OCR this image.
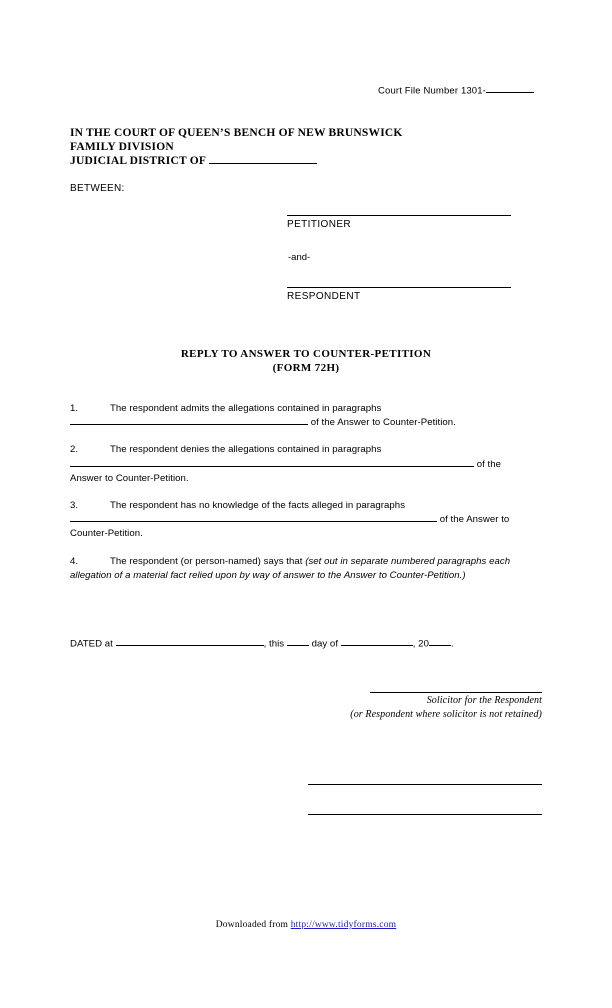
Court File Number 1301-
IN THE COURT OF QUEEN’S BENCH OF NEW BRUNSWICK
FAMILY DIVISION
JUDICIAL DISTRICT OF
BETWEEN:
PETITIONER
-and-
RESPONDENT
REPLY TO ANSWER TO COUNTER-PETITION
(FORM 72H)
1.	The respondent admits the allegations contained in paragraphs
of the Answer to Counter-Petition.
2.	The respondent denies the allegations contained in paragraphs
of the
Answer to Counter-Petition.
3.	The respondent has no knowledge of the facts alleged in paragraphs
of the Answer to
Counter-Petition.
4.	The respondent (or person-named) says that (set out in separate numbered paragraphs each allegation of a material fact relied upon by way of answer to the Answer to Counter-Petition.)
DATED at	, this	day of	, 20 .
Solicitor for the Respondent
(or Respondent where solicitor is not retained)
Downloaded from http://www.tidyforms.com
